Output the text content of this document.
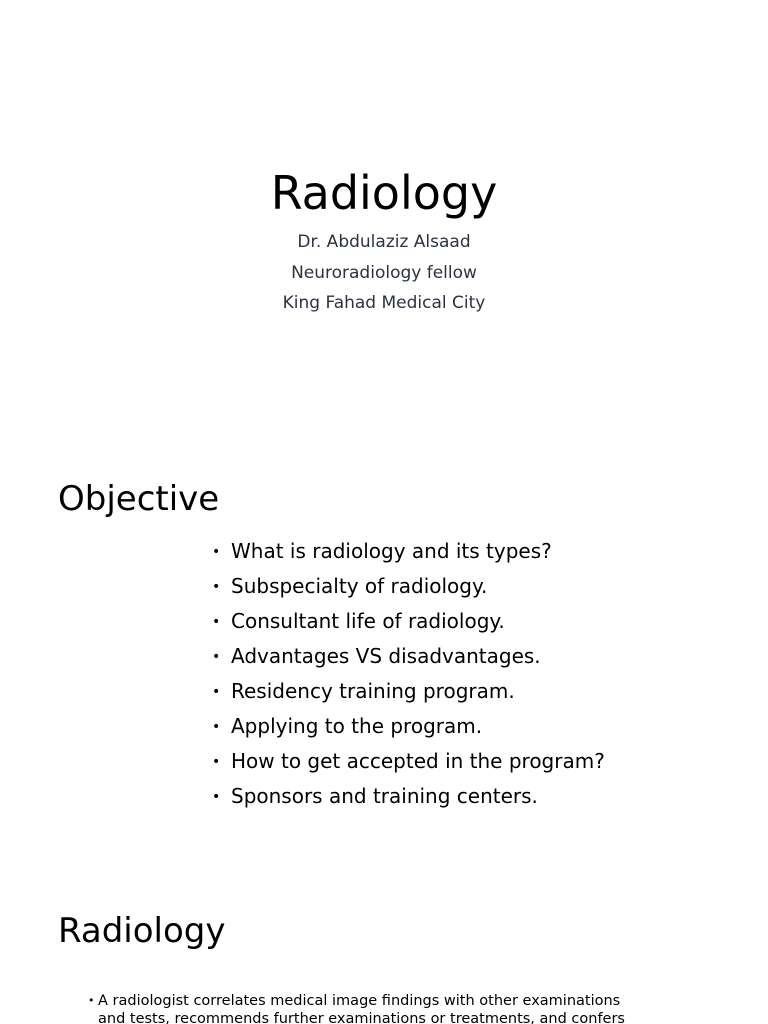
Radiology
Dr. Abdulaziz Alsaad
Neuroradiology fellow
King Fahad Medical City
Objective
• What is radiology and its types?
• Subspecialty of radiology.
• Consultant life of radiology.
• Advantages VS disadvantages.
• Residency training program.
• Applying to the program.
• How to get accepted in the program?
• Sponsors and training centers.
Radiology

• A radiologist correlates medical image findings with other examinations
and tests, recommends further examinations or treatments, and confers
